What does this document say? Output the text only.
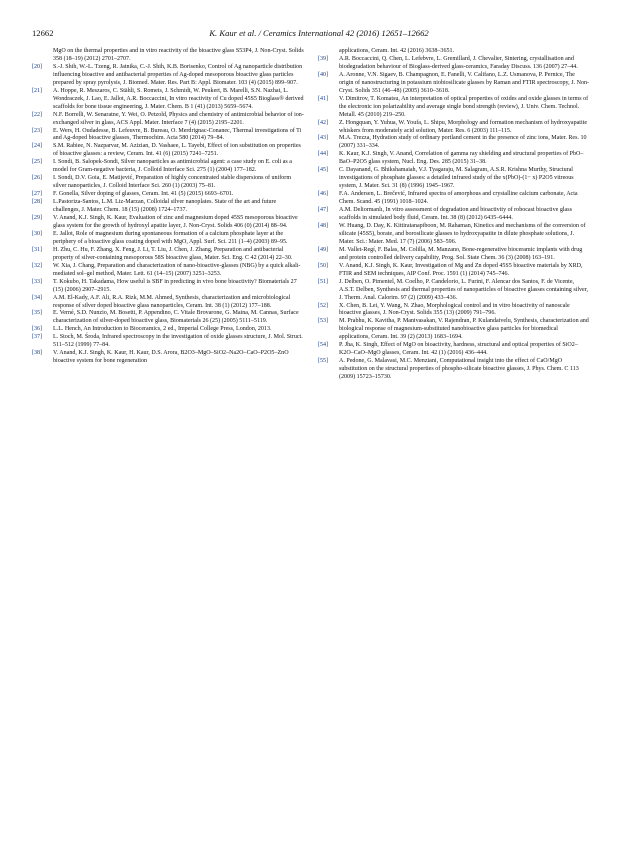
12662	K. Kaur et al. / Ceramics International 42 (2016) 12651–12662
MgO on the thermal properties and in vitro reactivity of the bioactive glass S53P4, J. Non-Cryst. Solids 358 (18–19) (2012) 2701–2707.
[20] S.-J. Shih, W.-L. Tzeng, R. Jatnika, C.-J. Shih, K.B. Borisenko, Control of Ag nanoparticle distribution influencing bioactive and antibacterial properties of Ag-doped mesoporous bioactive glass particles prepared by spray pyrolysis, J. Biomed. Mater. Res. Part B: Appl. Biomater. 103 (4) (2015) 899–907.
[21] A. Hoppe, R. Meszaros, C. Stähli, S. Romeis, J. Schmidt, W. Peukert, B. Marelli, S.N. Nazhat, L. Wondraczek, J. Lao, E. Jallot, A.R. Boccaccini, In vitro reactivity of Cu doped 45S5 Bioglass® derived scaffolds for bone tissue engineering, J. Mater. Chem. B 1 (41) (2013) 5659–5674.
[22] N.F. Borrelli, W. Senaratne, Y. Wei, O. Petzold, Physics and chemistry of antimicrobial behavior of ion-exchanged silver in glass, ACS Appl. Mater. Interface 7 (4) (2015) 2195–2201.
[23] E. Wers, H. Oudadesse, B. Lefeuvre, B. Bureau, O. Merdrignac-Conanec, Thermal investigations of Ti and Ag-doped bioactive glasses, Thermochim. Acta 580 (2014) 79–84.
[24] S.M. Rabiee, N. Nazparvar, M. Azizian, D. Vashaee, L. Tayebi, Effect of ion substitution on properties of bioactive glasses: a review, Ceram. Int. 41 (6) (2015) 7241–7251.
[25] I. Sondi, B. Salopek-Sondi, Silver nanoparticles as antimicrobial agent: a case study on E. coli as a model for Gram-negative bacteria, J. Colloid Interface Sci. 275 (1) (2004) 177–182.
[26] I. Sondi, D.V. Goia, E. Matijević, Preparation of highly concentrated stable dispersions of uniform silver nanoparticles, J. Colloid Interface Sci. 260 (1) (2003) 75–81.
[27] F. Gonella, Silver doping of glasses, Ceram. Int. 41 (5) (2015) 6693–6701.
[28] L.Pastoriza-Santos, L.M. Liz-Marzan, Colloidal silver nanoplates. State of the art and future challenges, J. Mater. Chem. 18 (15) (2008) 1724–1737.
[29] V. Anand, K.J. Singh, K. Kaur, Evaluation of zinc and magnesium doped 45S5 mesoporous bioactive glass system for the growth of hydroxyl apatite layer, J. Non-Cryst. Solids 406 (0) (2014) 88–94.
[30] E. Jallot, Role of magnesium during spontaneous formation of a calcium phosphate layer at the periphery of a bioactive glass coating doped with MgO, Appl. Surf. Sci. 211 (1–4) (2003) 89–95.
[31] H. Zhu, C. Hu, F. Zhang, X. Feng, J. Li, T. Liu, J. Chen, J. Zhang, Preparation and antibacterial property of silver-containing mesoporous 58S bioactive glass, Mater. Sci. Eng. C 42 (2014) 22–30.
[32] W. Xia, J. Chang, Preparation and characterization of nano-bioactive-glasses (NBG) by a quick alkali-mediated sol–gel method, Mater. Lett. 61 (14–15) (2007) 3251–3253.
[33] T. Kokubo, H. Takadama, How useful is SBF in predicting in vivo bone bioactivity? Biomaterials 27 (15) (2006) 2907–2915.
[34] A.M. El-Kady, A.F. Ali, R.A. Rizk, M.M. Ahmed, Synthesis, characterization and microbiological response of silver doped bioactive glass nanoparticles, Ceram. Int. 38 (1) (2012) 177–188.
[35] E. Verné, S.D. Nunzio, M. Bosetti, P. Appendino, C. Vitale Brovarone, G. Maina, M. Cannas, Surface characterization of silver-doped bioactive glass, Biomaterials 26 (25) (2005) 5111–5119.
[36] L.L. Hench, An Introduction to Bioceramics, 2 ed., Imperial College Press, London, 2013.
[37] L. Stoch, M. Środa, Infrared spectroscopy in the investigation of oxide glasses structure, J. Mol. Struct. 511–512 (1999) 77–84.
[38] V. Anand, K.J. Singh, K. Kaur, H. Kaur, D.S. Arora, B2O3–MgO–SiO2–Na2O–CaO–P2O5–ZnO bioactive system for bone regeneration
applications, Ceram. Int. 42 (2016) 3638–3651.
[39] A.R. Boccaccini, Q. Chen, L. Lefebvre, L. Gremillard, J. Chevalier, Sintering, crystallisation and biodegradation behaviour of Bioglass-derived glass-ceramics, Faraday Discuss. 136 (2007) 27–44.
[40] A. Aronne, V.N. Sigaev, B. Champagnon, E. Fanelli, V. Califano, L.Z. Usmanova, P. Pernice, The origin of nanostructuring in potassium niobiosilicate glasses by Raman and FTIR spectroscopy, J. Non-Cryst. Solids 351 (46–48) (2005) 3610–3618.
[41] V. Dimitrov, T. Komatsu, An interpretation of optical properties of oxides and oxide glasses in terms of the electronic ion polarizability and average single bond strength (review), J. Univ. Chem. Technol. Metall. 45 (2010) 219–250.
[42] Z. Hongquan, Y. Yuhua, W. Youfa, L. Shipu, Morphology and formation mechanism of hydroxyapatite whiskers from moderately acid solution, Mater. Res. 6 (2003) 111–115.
[43] M.A. Trezza, Hydration study of ordinary portland cement in the presence of zinc ions, Mater. Res. 10 (2007) 331–334.
[44] K. Kaur, K.J. Singh, V. Anand, Correlation of gamma ray shielding and structural properties of PbO–BaO–P2O5 glass system, Nucl. Eng. Des. 285 (2015) 31–38.
[45] C. Dayanand, G. Bhikshamaiah, V.J. Tyagaraju, M. Salagram, A.S.R. Krishna Murthy, Structural investigations of phosphate glasses: a detailed infrared study of the x(PbO)-(1− x) P2O5 vitreous system, J. Mater. Sci. 31 (8) (1996) 1945–1967.
[46] F.A. Andersen, L. Brečević, Infrared spectra of amorphous and crystalline calcium carbonate, Acta Chem. Scand. 45 (1991) 1018–1024.
[47] A.M. Deliormanlı, In vitro assessment of degradation and bioactivity of robocast bioactive glass scaffolds in simulated body fluid, Ceram. Int. 38 (8) (2012) 6435–6444.
[48] W. Huang, D. Day, K. Kittiratanapiboon, M. Rahaman, Kinetics and mechanisms of the conversion of silicate (45S5), borate, and borosilicate glasses to hydroxyapatite in dilute phosphate solutions, J. Mater. Sci.: Mater. Med. 17 (7) (2006) 583–596.
[49] M. Vallet-Regí, F. Balas, M. Colilla, M. Manzano, Bone-regenerative bioceramic implants with drug and protein controlled delivery capability, Prog. Sol. State Chem. 36 (3) (2008) 163–191.
[50] V. Anand, K.J. Singh, K. Kaur, Investigation of Mg and Zn doped 45S5 bioactive materials by XRD, FTIR and SEM techniques, AIP Conf. Proc. 1591 (1) (2014) 745–746.
[51] J. Delben, O. Pimentel, M. Coelho, P. Candelorio, L. Furini, F. Alencar dos Santos, F. de Vicente, A.S.T. Delben, Synthesis and thermal properties of nanoparticles of bioactive glasses containing silver, J. Therm. Anal. Calorim. 97 (2) (2009) 433–436.
[52] X. Chen, B. Lei, Y. Wang, N. Zhao, Morphological control and in vitro bioactivity of nanoscale bioactive glasses, J. Non-Cryst. Solids 355 (13) (2009) 791–796.
[53] M. Prabhu, K. Kavitha, P. Manivasakan, V. Rajendran, P. Kulandaivelu, Synthesis, characterization and biological response of magnesium-substituted nanobioactive glass particles for biomedical applications, Ceram. Int. 39 (2) (2013) 1683–1694.
[54] P. Jha, K. Singh, Effect of MgO on bioactivity, hardness, structural and optical properties of SiO2–K2O–CaO–MgO glasses, Ceram. Int. 42 (1) (2016) 436–444.
[55] A. Pedone, G. Malavasi, M.C. Menziani, Computational insight into the effect of CaO/MgO substitution on the structural properties of phospho-silicate bioactive glasses, J. Phys. Chem. C 113 (2009) 15723–15730.
